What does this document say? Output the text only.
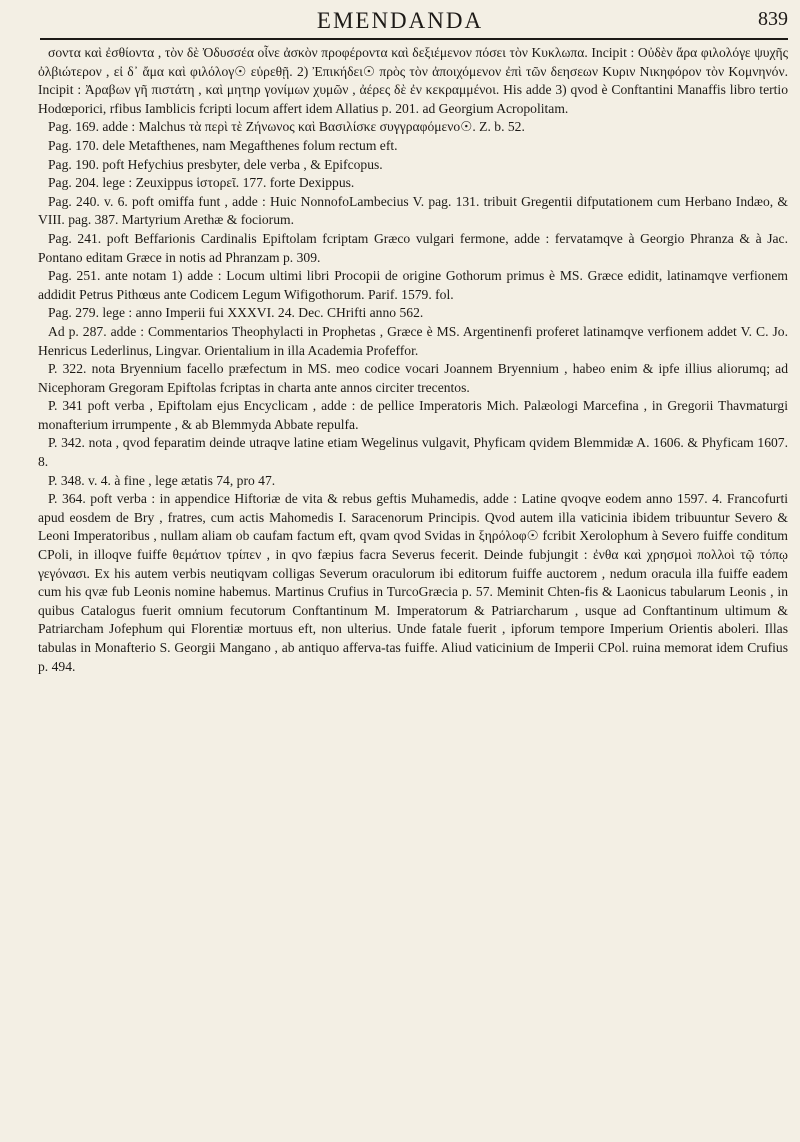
EMENDANDA	839

σοντα καὶ ἐσθίοντα , τὸν δὲ Ὀδυσσέα οἶνε ἀσκὸν προφέροντα καὶ δεξιέμενον πόσει τὸν Κυκλωπα. Incipit : Οὐδὲν ἄρα φιλολόγε ψυχῆς ὀλβιώτερον , εἰ δ᾽ ἄμα καὶ φιλόλογ☉ εὑρεθῇ. 2) Ἐπικήδει☉ πρὸς τὸν ἀποιχόμενον ἐπὶ τῶν δεησεων Κυριν Νικηφόρον τὸν Κομνηνόν. Incipit : Ἀραβων γῆ πιστάτη , καὶ μητηρ γονίμων χυμῶν , ἀέρες δὲ ἐν κεκραμμένοι. His adde 3) qvod è Conftantini Manaffis libro tertio Hodœporici, rfibus Iamblicis fcripti locum affert idem Allatius p. 201. ad Georgium Acropolitam.

Pag. 169. adde : Malchus τὰ περὶ τὲ Ζήνωνος καὶ Βασιλίσκε συγγραφόμενο☉. Z. b. 52.

Pag. 170. dele Metafthenes, nam Megafthenes folum rectum eft.

Pag. 190. poft Hefychius presbyter, dele verba , & Epifcopus.

Pag. 204. lege : Zeuxippus ἱστορεῖ. 177. forte Dexippus.

Pag. 240. v. 6. poft omiffa funt , adde : Huic NonnofoLambecius V. pag. 131. tribuit Gregentii difputationem cum Herbano Indæo, & VIII. pag. 387. Martyrium Arethæ & fociorum.

Pag. 241. poft Beffarionis Cardinalis Epiftolam fcriptam Græco vulgari fermone, adde : fervatamqve à Georgio Phranza & à Jac. Pontano editam Græce in notis ad Phranzam p. 309.

Pag. 251. ante notam 1) adde : Locum ultimi libri Procopii de origine Gothorum primus è MS. Græce edidit, latinamqve verfionem addidit Petrus Pithœus ante Codicem Legum Wifigothorum. Parif. 1579. fol.

Pag. 279. lege : anno Imperii fui XXXVI. 24. Dec. CHrifti anno 562.

Ad p. 287. adde : Commentarios Theophylacti in Prophetas , Græce è MS. Argentinenfi proferet latinamqve verfionem addet V. C. Jo. Henricus Lederlinus, Lingvar. Orientalium in illa Academia Profeffor.

P. 322. nota Bryennium facello præfectum in MS. meo codice vocari Joannem Bryennium , habeo enim & ipfe illius aliorumq; ad Nicephoram Gregoram Epiftolas fcriptas in charta ante annos circiter trecentos.

P. 341 poft verba , Epiftolam ejus Encyclicam , adde : de pellice Imperatoris Mich. Palæologi Marcefina , in Gregorii Thavmaturgi monafterium irrumpente , & ab Blemmyda Abbate repulfa.

P. 342. nota , qvod feparatim deinde utraqve latine etiam Wegelinus vulgavit, Phyficam qvidem Blemmidæ A. 1606. & Phyficam 1607. 8.

P. 348. v. 4. à fine , lege ætatis 74, pro 47.

P. 364. poft verba : in appendice Hiftoriæ de vita & rebus geftis Muhamedis, adde : Latine qvoqve eodem anno 1597. 4. Francofurti apud eosdem de Bry , fratres, cum actis Mahomedis I. Saracenorum Principis. Qvod autem illa vaticinia ibidem tribuuntur Severo & Leoni Imperatoribus , nullam aliam ob caufam factum eft, qvam qvod Svidas in ξηρόλοφ☉ fcribit Xerolophum à Severo fuiffe conditum CPoli, in illoqve fuiffe θεμάτιον τρίπεν , in qvo fæpius facra Severus fecerit. Deinde fubjungit : ἐνθα καὶ χρησμοὶ πολλοὶ τῷ τόπῳ γεγόνασι. Ex his autem verbis neutiqvam colligas Severum oraculorum ibi editorum fuiffe auctorem , nedum oracula illa fuiffe eadem cum his qvæ fub Leonis nomine habemus. Martinus Crufius in TurcoGræcia p. 57. Meminit Chten-fis & Laonicus tabularum Leonis , in quibus Catalogus fuerit omnium fecutorum Conftantinum M. Imperatorum & Patriarcharum , usque ad Conftantinum ultimum & Patriarcham Jofephum qui Florentiæ mortuus eft, non ulterius. Unde fatale fuerit , ipforum tempore Imperium Orientis aboleri. Illas tabulas in Monafterio S. Georgii Mangano , ab antiquo afferva-tas fuiffe. Aliud vaticinium de Imperii CPol. ruina memorat idem Crufius p. 494.
